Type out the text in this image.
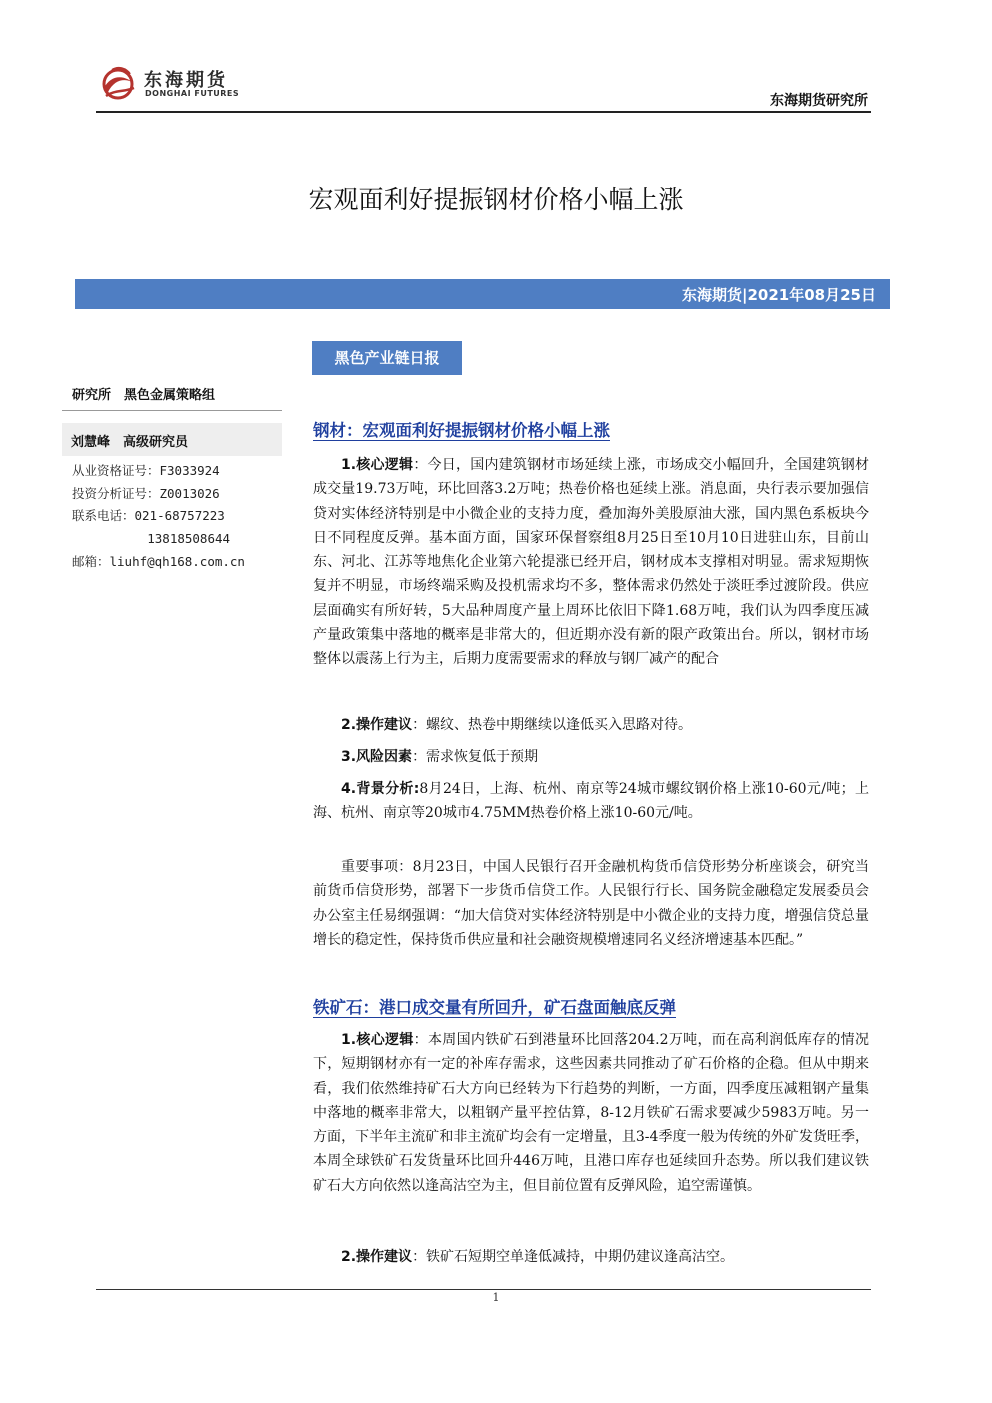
东海期货
DONGHAI FUTURES	东海期货研究所
宏观面利好提振钢材价格小幅上涨
东海期货|2021年08月25日
黑色产业链日报
研究所　黑色金属策略组
刘慧峰　高级研究员
从业资格证号：F3033924
投资分析证号：Z0013026
联系电话：021-68757223
13818508644
邮箱：liuhf@qh168.com.cn
钢材：宏观面利好提振钢材价格小幅上涨

1.核心逻辑：今日，国内建筑钢材市场延续上涨，市场成交小幅回升，全国建筑钢材成交量19.73万吨，环比回落3.2万吨；热卷价格也延续上涨。消息面，央行表示要加强信贷对实体经济特别是中小微企业的支持力度，叠加海外美股原油大涨，国内黑色系板块今日不同程度反弹。基本面方面，国家环保督察组8月25日至10月10日进驻山东，目前山东、河北、江苏等地焦化企业第六轮提涨已经开启，钢材成本支撑相对明显。需求短期恢复并不明显，市场终端采购及投机需求均不多，整体需求仍然处于淡旺季过渡阶段。供应层面确实有所好转，5大品种周度产量上周环比依旧下降1.68万吨，我们认为四季度压减产量政策集中落地的概率是非常大的，但近期亦没有新的限产政策出台。所以，钢材市场整体以震荡上行为主，后期力度需要需求的释放与钢厂减产的配合

2.操作建议：螺纹、热卷中期继续以逢低买入思路对待。

3.风险因素：需求恢复低于预期

4.背景分析:8月24日，上海、杭州、南京等24城市螺纹钢价格上涨10-60元/吨；上海、杭州、南京等20城市4.75MM热卷价格上涨10-60元/吨。

重要事项：8月23日，中国人民银行召开金融机构货币信贷形势分析座谈会，研究当前货币信贷形势，部署下一步货币信贷工作。人民银行行长、国务院金融稳定发展委员会办公室主任易纲强调：“加大信贷对实体经济特别是中小微企业的支持力度，增强信贷总量增长的稳定性，保持货币供应量和社会融资规模增速同名义经济增速基本匹配。”

铁矿石：港口成交量有所回升，矿石盘面触底反弹

1.核心逻辑：本周国内铁矿石到港量环比回落204.2万吨，而在高利润低库存的情况下，短期钢材亦有一定的补库存需求，这些因素共同推动了矿石价格的企稳。但从中期来看，我们依然维持矿石大方向已经转为下行趋势的判断，一方面，四季度压减粗钢产量集中落地的概率非常大，以粗钢产量平控估算，8-12月铁矿石需求要减少5983万吨。另一方面，下半年主流矿和非主流矿均会有一定增量，且3-4季度一般为传统的外矿发货旺季，本周全球铁矿石发货量环比回升446万吨，且港口库存也延续回升态势。所以我们建议铁矿石大方向依然以逢高沽空为主，但目前位置有反弹风险，追空需谨慎。

2.操作建议：铁矿石短期空单逢低减持，中期仍建议逢高沽空。

1
